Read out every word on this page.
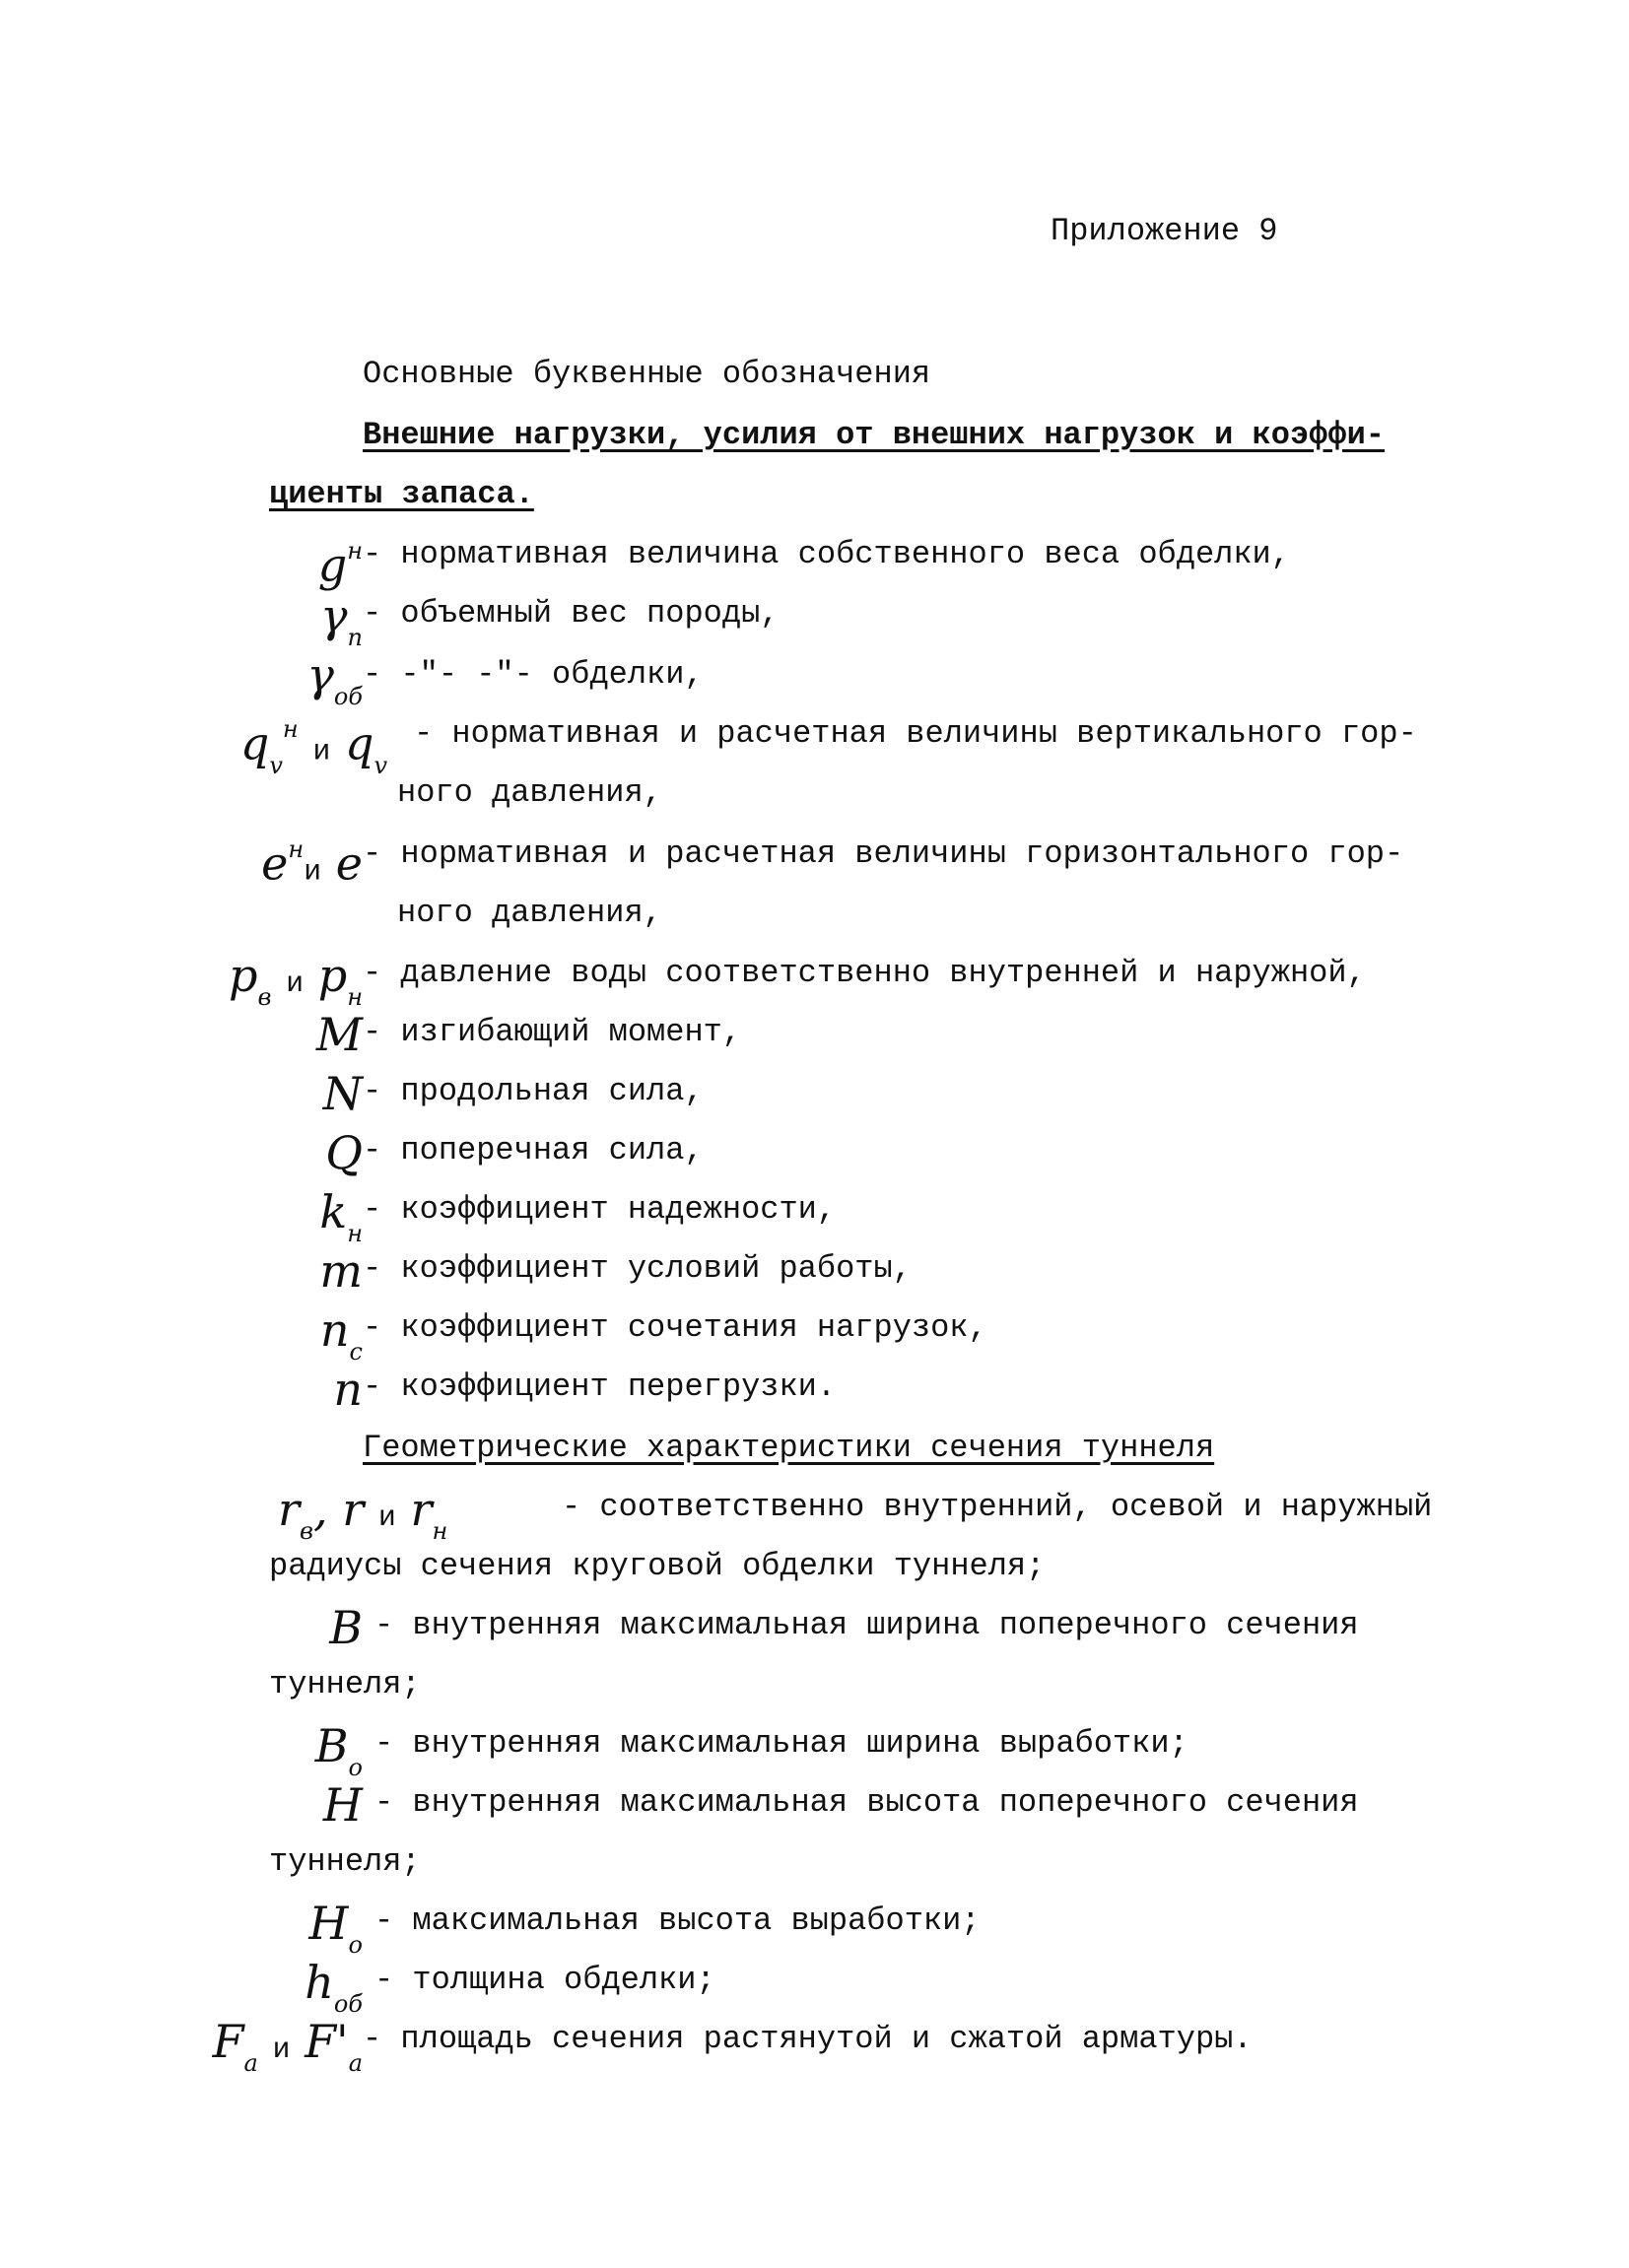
Приложение 9
Основные буквенные обозначения
Внешние нагрузки, усилия от внешних нагрузок и коэффи-
циенты запаса.
$g^н$ - нормативная величина собственного веса обделки,
$\gamma_п$
- объемный вес породы,
$\gamma_{об}$
- -"- -"- обделки,
$q_v^н$ и $q_v$
- нормативная и расчетная величины вертикального гор-
ного давления,
$e^ни$ e - нормативная и расчетная величины горизонтального гор-
ного давления,
$p_в$ и $p_н$
- давление воды соответственно внутренней и наружной,
M - изгибающий момент,
N - продольная сила,
Q - поперечная сила,
$k_н$
- коэффициент надежности,
m - коэффициент условий работы,
$n_с$
- коэффициент сочетания нагрузок,
n - коэффициент перегрузки.
Геометрические характеристики сечения туннеля
$r_в$, r и $r_н$
- соответственно внутренний, осевой и наружный
радиусы сечения круговой обделки туннеля;
B - внутренняя максимальная ширина поперечного сечения
туннеля;
$B_о$
- внутренняя максимальная ширина выработки;
H - внутренняя максимальная высота поперечного сечения
туннеля;
$H_о$
- максимальная высота выработки;
$h_{об}$
- толщина обделки;
$F_а$ и $F'_а$
- площадь сечения растянутой и сжатой арматуры.
